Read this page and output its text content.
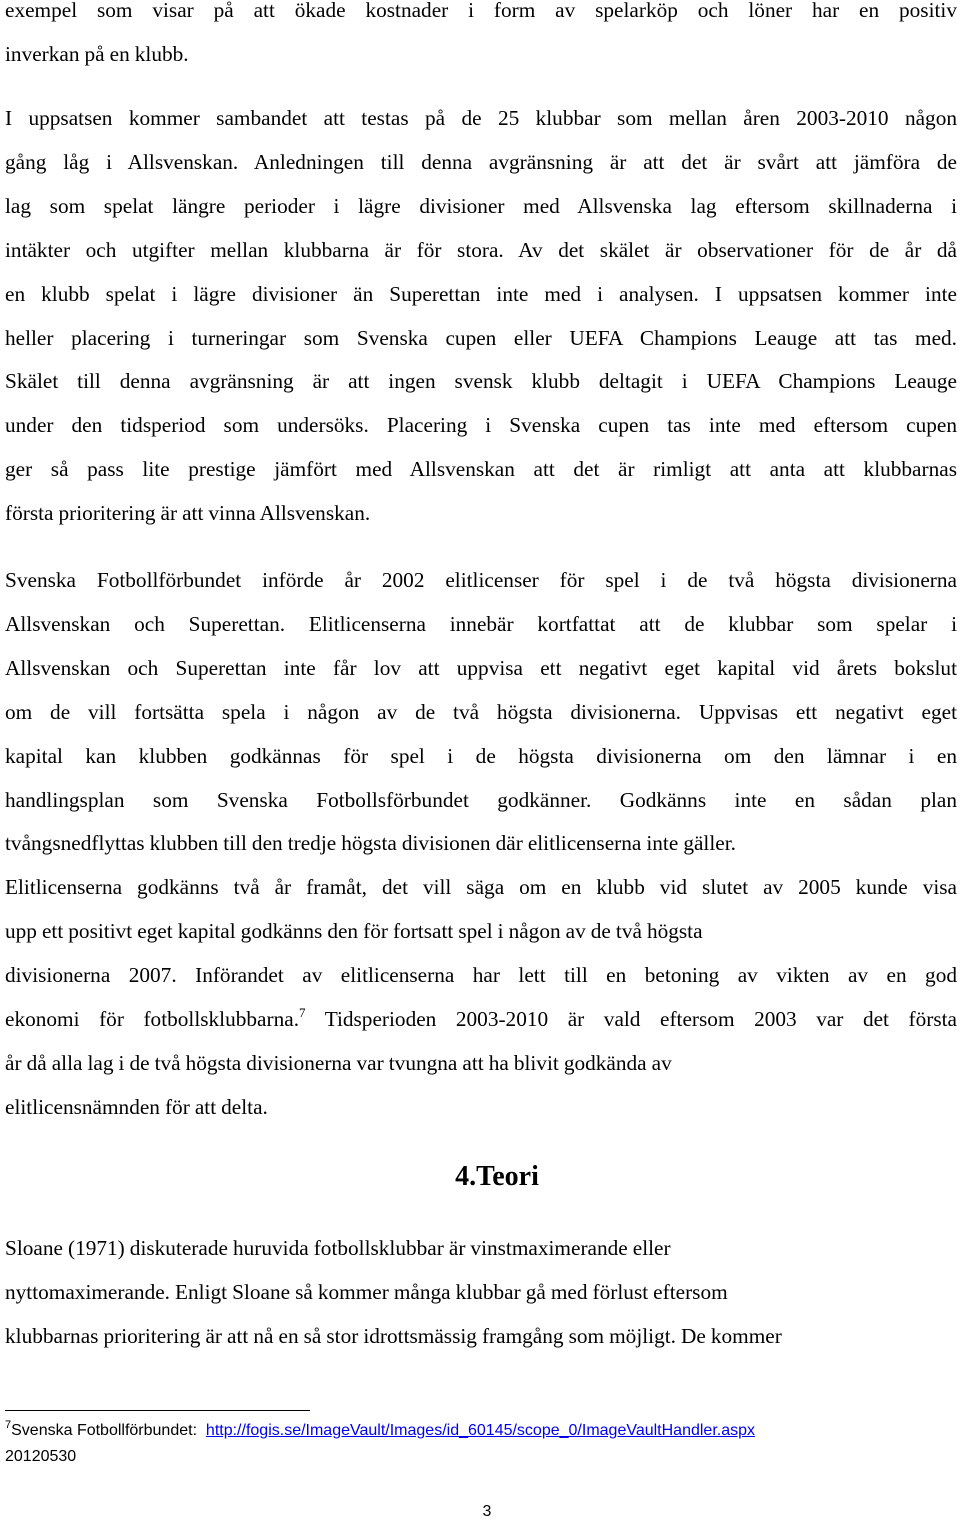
exempel som visar på att ökade kostnader i form av spelarköp och löner har en positiv
inverkan på en klubb.
I uppsatsen kommer sambandet att testas på de 25 klubbar som mellan åren 2003-2010 någon
gång låg i Allsvenskan. Anledningen till denna avgränsning är att det är svårt att jämföra de
lag som spelat längre perioder i lägre divisioner med Allsvenska lag eftersom skillnaderna i
intäkter och utgifter mellan klubbarna är för stora. Av det skälet är observationer för de år då
en klubb spelat i lägre divisioner än Superettan inte med i analysen. I uppsatsen kommer inte
heller placering i turneringar som Svenska cupen eller UEFA Champions Leauge att tas med.
Skälet till denna avgränsning är att ingen svensk klubb deltagit i UEFA Champions Leauge
under den tidsperiod som undersöks. Placering i Svenska cupen tas inte med eftersom cupen
ger så pass lite prestige jämfört med Allsvenskan att det är rimligt att anta att klubbarnas
första prioritering är att vinna Allsvenskan.
Svenska Fotbollförbundet införde år 2002 elitlicenser för spel i de två högsta divisionerna
Allsvenskan och Superettan. Elitlicenserna innebär kortfattat att de klubbar som spelar i
Allsvenskan och Superettan inte får lov att uppvisa ett negativt eget kapital vid årets bokslut
om de vill fortsätta spela i någon av de två högsta divisionerna. Uppvisas ett negativt eget
kapital kan klubben godkännas för spel i de högsta divisionerna om den lämnar i en
handlingsplan som Svenska Fotbollsförbundet godkänner. Godkänns inte en sådan plan
tvångsnedflyttas klubben till den tredje högsta divisionen där elitlicenserna inte gäller.
Elitlicenserna godkänns två år framåt, det vill säga om en klubb vid slutet av 2005 kunde visa
upp ett positivt eget kapital godkänns den för fortsatt spel i någon av de två högsta
divisionerna 2007. Införandet av elitlicenserna har lett till en betoning av vikten av en god
ekonomi för fotbollsklubbarna.$^7$ Tidsperioden 2003-2010 är vald eftersom 2003 var det första
år då alla lag i de två högsta divisionerna var tvungna att ha blivit godkända av
elitlicensnämnden för att delta.
4.Teori
Sloane (1971) diskuterade huruvida fotbollsklubbar är vinstmaximerande eller
nyttomaximerande. Enligt Sloane så kommer många klubbar gå med förlust eftersom
klubbarnas prioritering är att nå en så stor idrottsmässig framgång som möjligt. De kommer
$^7$Svenska Fotbollförbundet:  http://fogis.se/ImageVault/Images/id_60145/scope_0/ImageVaultHandler.aspx
20120530
3
